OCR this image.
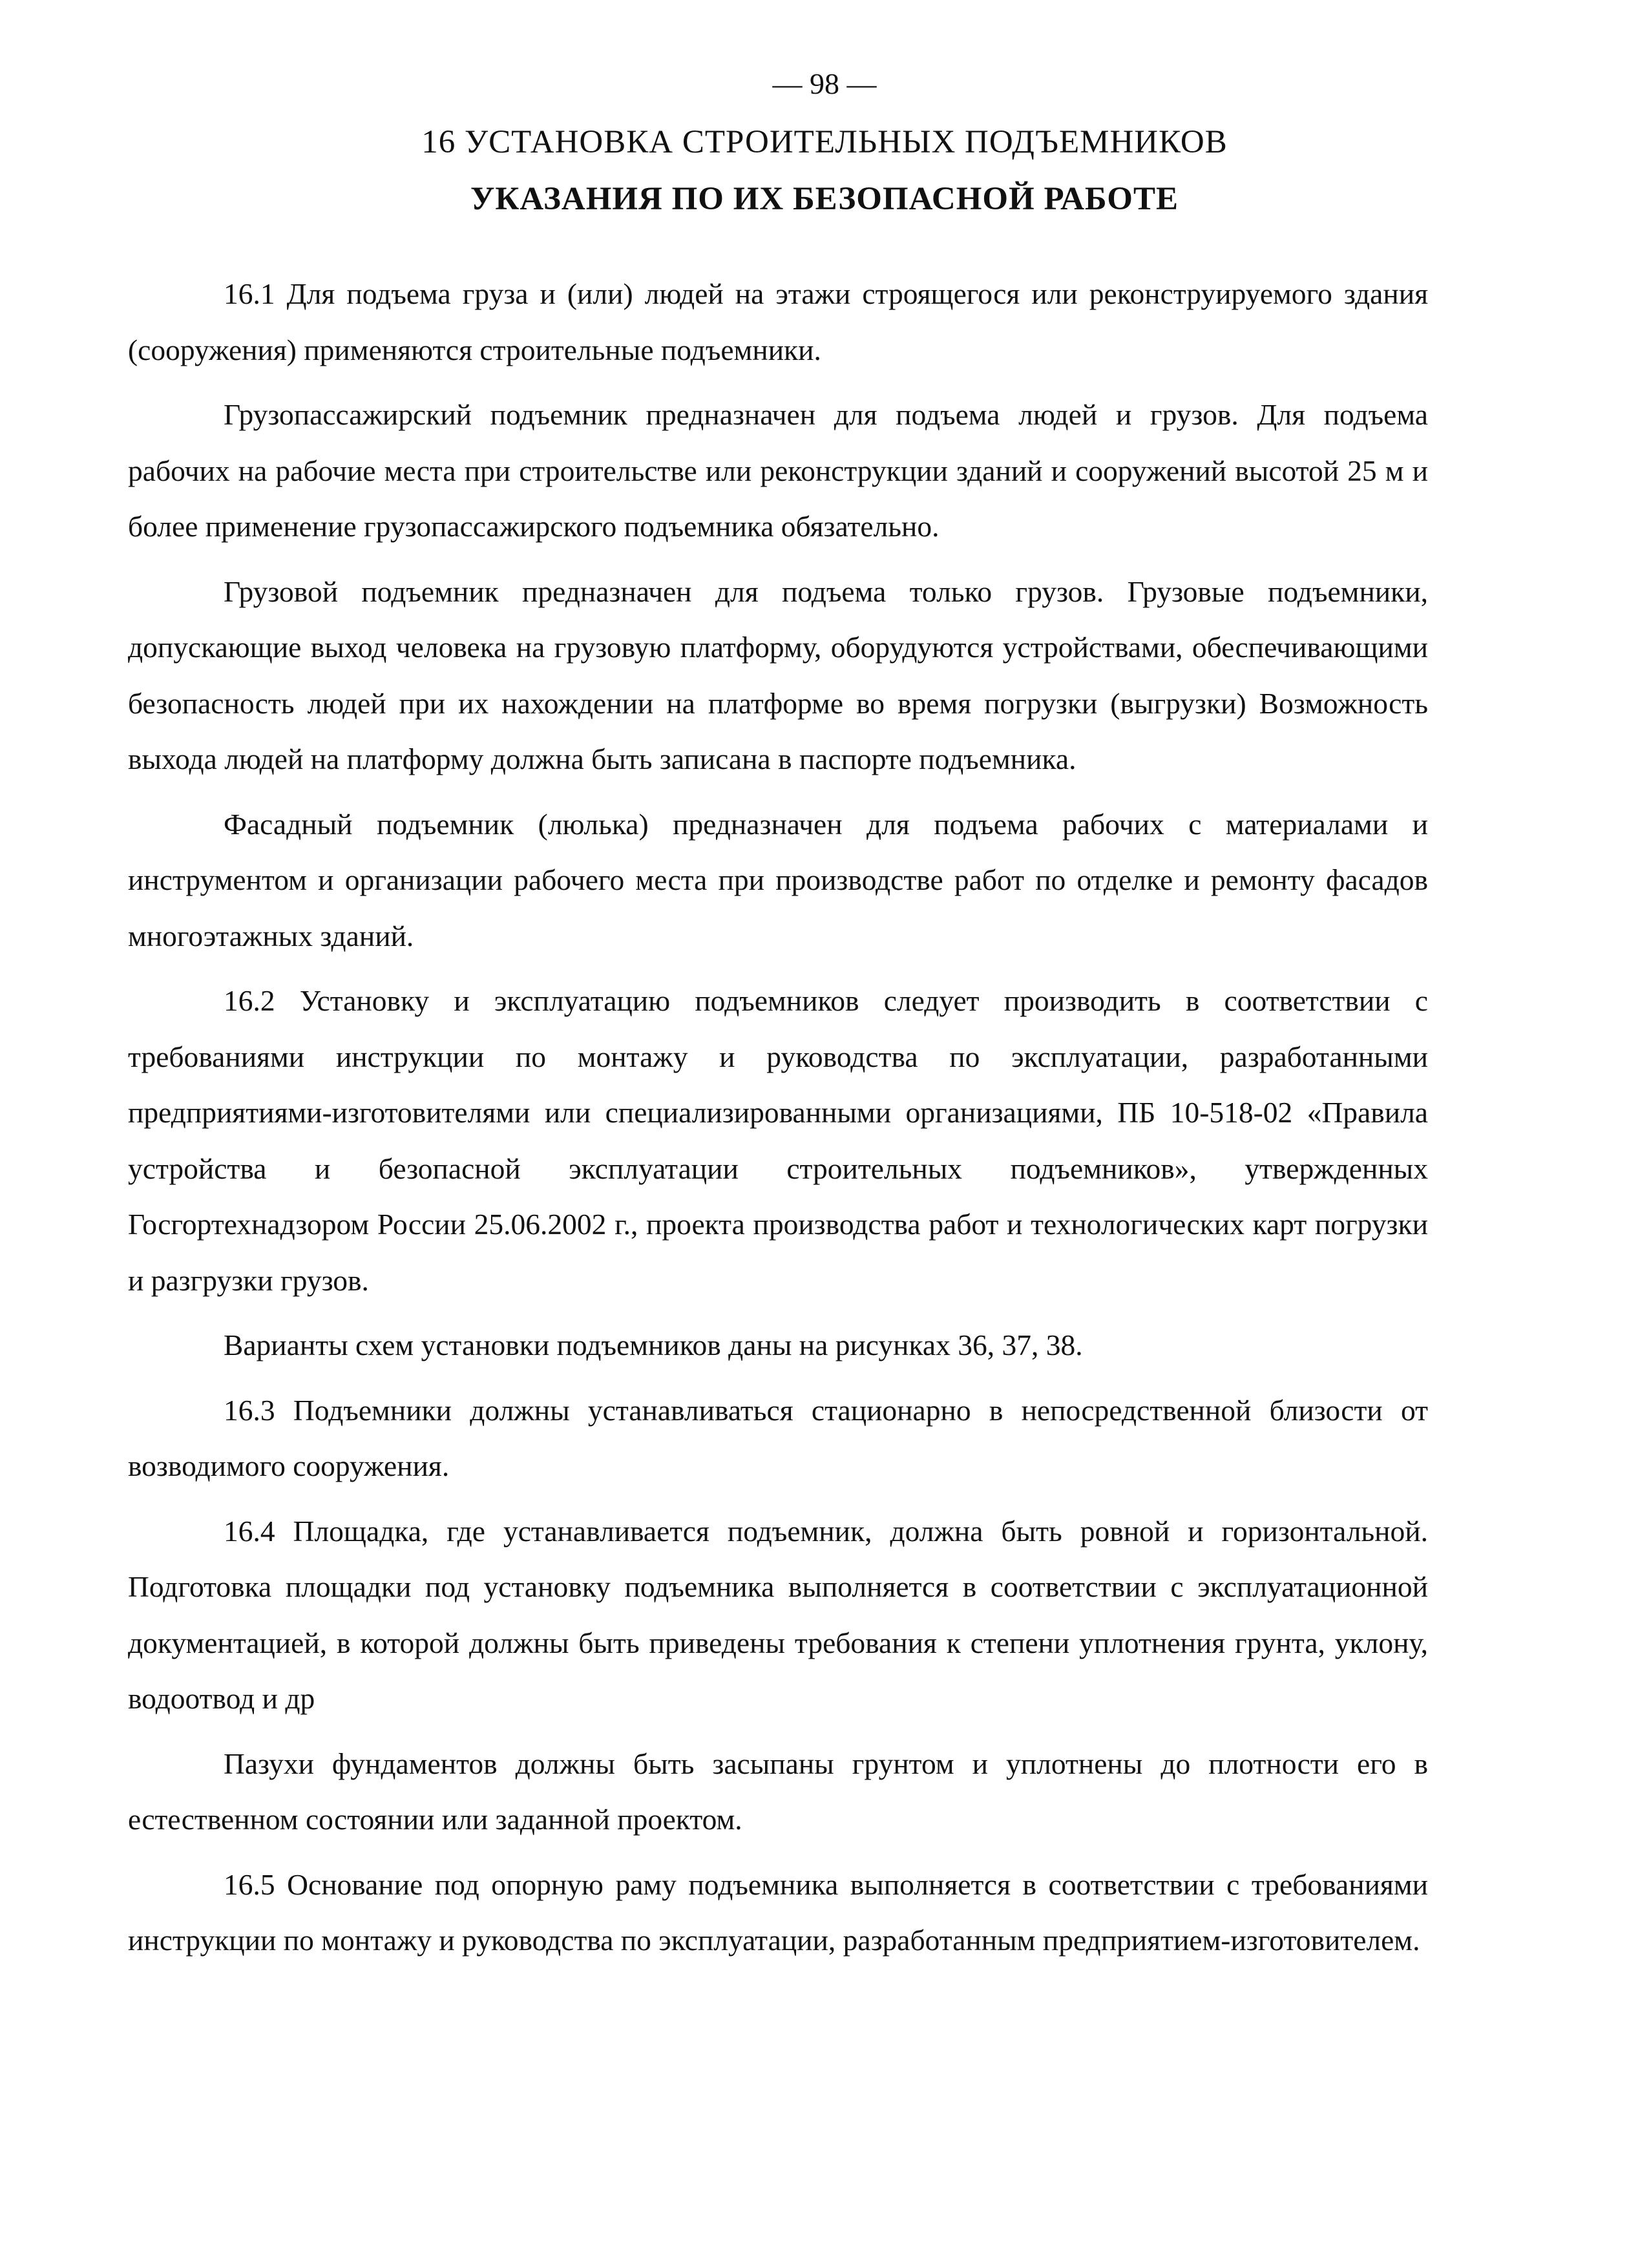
— 98 —
16 УСТАНОВКА СТРОИТЕЛЬНЫХ ПОДЪЕМНИКОВ
УКАЗАНИЯ ПО ИХ БЕЗОПАСНОЙ РАБОТЕ

16.1 Для подъема груза и (или) людей на этажи строящегося или реконструируемого здания (сооружения) применяются строительные подъемники.

Грузопассажирский подъемник предназначен для подъема людей и грузов. Для подъема рабочих на рабочие места при строительстве или реконструкции зданий и сооружений высотой 25 м и более применение грузопассажирского подъемника обязательно.

Грузовой подъемник предназначен для подъема только грузов. Грузовые подъемники, допускающие выход человека на грузовую платформу, оборудуются устройствами, обеспечивающими безопасность людей при их нахождении на платформе во время погрузки (выгрузки) Возможность выхода людей на платформу должна быть записана в паспорте подъемника.

Фасадный подъемник (люлька) предназначен для подъема рабочих с материалами и инструментом и организации рабочего места при производстве работ по отделке и ремонту фасадов многоэтажных зданий.

16.2 Установку и эксплуатацию подъемников следует производить в соответствии с требованиями инструкции по монтажу и руководства по эксплуатации, разработанными предприятиями-изготовителями или специализированными организациями, ПБ 10-518-02 «Правила устройства и безопасной эксплуатации строительных подъемников», утвержденных Госгортехнадзором России 25.06.2002 г., проекта производства работ и технологических карт погрузки и разгрузки грузов.

Варианты схем установки подъемников даны на рисунках 36, 37, 38.

16.3 Подъемники должны устанавливаться стационарно в непосредственной близости от возводимого сооружения.

16.4 Площадка, где устанавливается подъемник, должна быть ровной и горизонтальной. Подготовка площадки под установку подъемника выполняется в соответствии с эксплуатационной документацией, в которой должны быть приведены требования к степени уплотнения грунта, уклону, водоотвод и др

Пазухи фундаментов должны быть засыпаны грунтом и уплотнены до плотности его в естественном состоянии или заданной проектом.

16.5 Основание под опорную раму подъемника выполняется в соответствии с требованиями инструкции по монтажу и руководства по эксплуатации, разработанным предприятием-изготовителем.
